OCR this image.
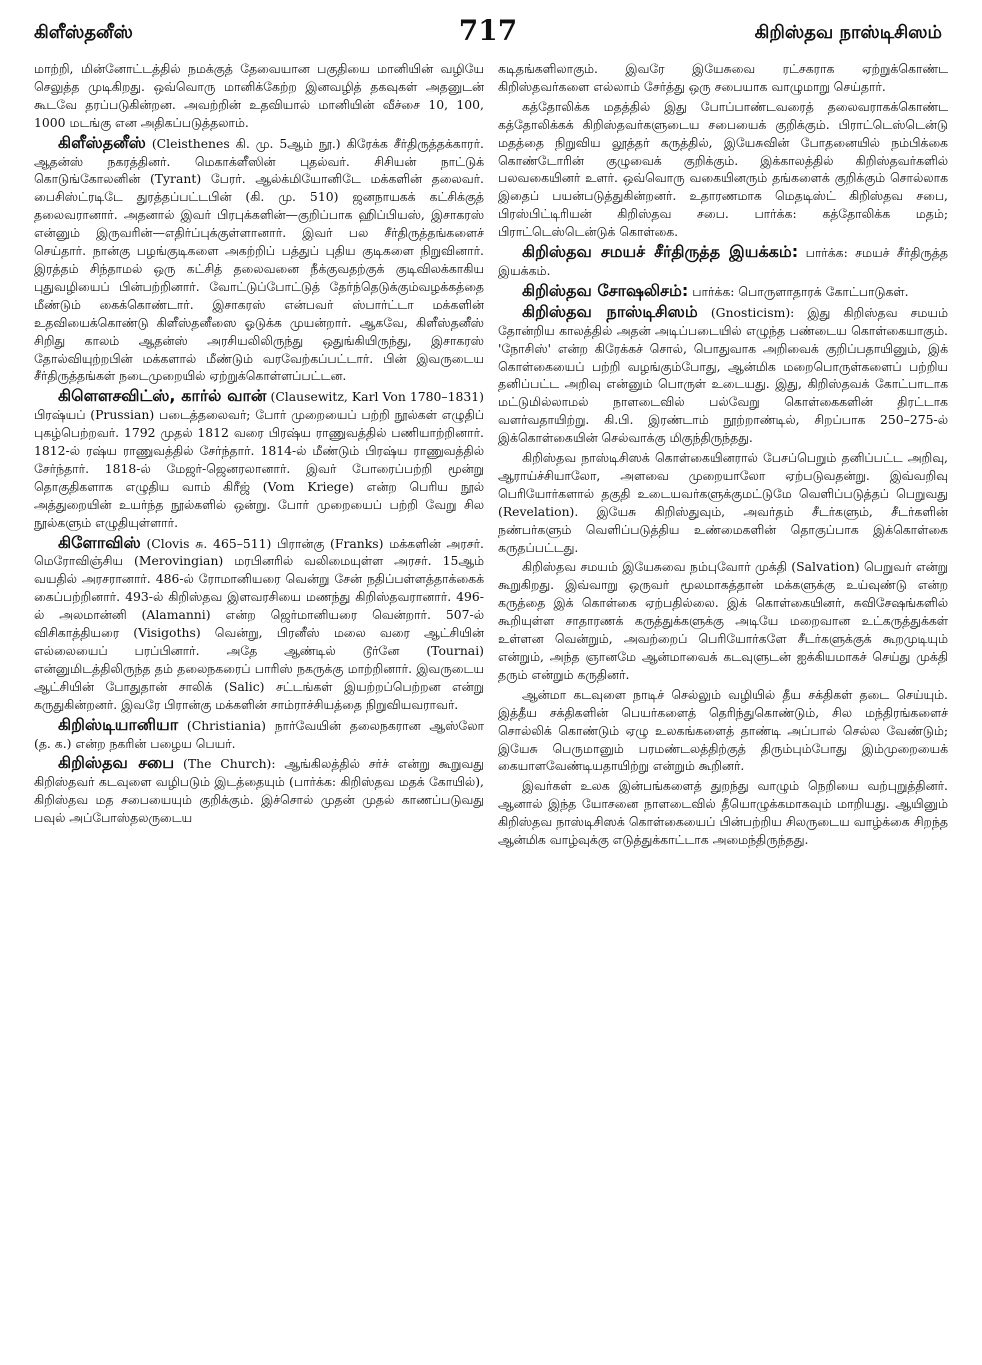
கிளீஸ்தனீஸ்	717	கிறிஸ்தவ நாஸ்டிசிஸம்

மாற்றி, மின்னோட்டத்தில் நமக்குத் தேவையான பகுதியை மானியின் வழியே செலுத்த முடிகிறது. ஒவ்வொரு மானிக்கேற்ற இனவழித் தகவுகள் அதனுடன் கூடவே தரப்படுகின்றன. அவற்றின் உதவியால் மானியின் வீச்சை 10, 100, 1000 மடங்கு என அதிகப்படுத்தலாம்.

கிளீஸ்தனீஸ் (Cleisthenes கி. மு. 5ஆம் நூ.) கிரேக்க சீர்திருத்தக்காரர். ஆதன்ஸ் நகரத்தினர். மெகாக்ளீஸின் புதல்வர். சிசியன் நாட்டுக் கொடுங்கோலனின் (Tyrant) பேரர். ஆல்க்மியோனிடே மக்களின் தலைவர். பைசிஸ்ட்ரடிடே துரத்தப்பட்டபின் (கி. மு. 510) ஜனநாயகக் கட்சிக்குத் தலைவரானார். அதனால் இவர் பிரபுக்களின்—குறிப்பாக ஹிப்பியஸ், இசாகரஸ் என்னும் இருவரின்—எதிர்ப்புக்குள்ளானார். இவர் பல சீர்திருத்தங்களைச் செய்தார். நான்கு பழங்குடிகளை அகற்றிப் பத்துப் புதிய குடிகளை நிறுவினார். இரத்தம் சிந்தாமல் ஒரு கட்சித் தலைவனை நீக்குவதற்குக் குடிவிலக்காகிய புதுவழியைப் பின்பற்றினார். வோட்டுப்போட்டுத் தேர்ந்தெடுக்கும்வழக்கத்தை மீண்டும் கைக்கொண்டார். இசாகரஸ் என்பவர் ஸ்பார்ட்டா மக்களின் உதவியைக்கொண்டு கிளீஸ்தனீஸை ஓடுக்க முயன்றார். ஆகவே, கிளீஸ்தனீஸ் சிறிது காலம் ஆதன்ஸ் அரசியலிலிருந்து ஒதுங்கியிருந்து, இசாகரஸ் தோல்வியுற்றபின் மக்களால் மீண்டும் வரவேற்கப்பட்டார். பின் இவருடைய சீர்திருத்தங்கள் நடைமுறையில் ஏற்றுக்கொள்ளப்பட்டன.

கிளௌசவிட்ஸ், கார்ல் வான் (Clausewitz, Karl Von 1780–1831) பிரஷ்யப் (Prussian) படைத்தலைவர்; போர் முறையைப் பற்றி நூல்கள் எழுதிப் புகழ்பெற்றவர். 1792 முதல் 1812 வரை பிரஷ்ய ராணுவத்தில் பணியாற்றினார். 1812-ல் ரஷ்ய ராணுவத்தில் சேர்ந்தார். 1814-ல் மீண்டும் பிரஷ்ய ராணுவத்தில் சேர்ந்தார். 1818-ல் மேஜர்-ஜெனரலானார். இவர் போரைப்பற்றி மூன்று தொகுதிகளாக எழுதிய வாம் கிரீஜ் (Vom Kriege) என்ற பெரிய நூல் அத்துறையின் உயர்ந்த நூல்களில் ஒன்று. போர் முறையைப் பற்றி வேறு சில நூல்களும் எழுதியுள்ளார்.

கிளோவிஸ் (Clovis சு. 465–511) பிரான்கு (Franks) மக்களின் அரசர். மெரோவிஞ்சிய (Merovingian) மரபினரில் வலிமையுள்ள அரசர். 15ஆம் வயதில் அரசரானார். 486-ல் ரோமானியரை வென்று சேன் நதிப்பள்ளத்தாக்கைக் கைப்பற்றினார். 493-ல் கிறிஸ்தவ இளவரசியை மணந்து கிறிஸ்தவரானார். 496-ல் அலமான்னி (Alamanni) என்ற ஜெர்மானியரை வென்றார். 507-ல் விசிகாத்தியரை (Visigoths) வென்று, பிரனீஸ் மலை வரை ஆட்சியின் எல்லையைப் பரப்பினார். அதே ஆண்டில் டூர்னே (Tournai) என்னுமிடத்திலிருந்த தம் தலைநகரைப் பாரிஸ் நகருக்கு மாற்றினார். இவருடைய ஆட்சியின் போதுதான் சாலிக் (Salic) சட்டங்கள் இயற்றப்பெற்றன என்று கருதுகின்றனர். இவரே பிரான்கு மக்களின் சாம்ராச்சியத்தை நிறுவியவராவர்.

கிறிஸ்டியானியா (Christiania) நார்வேயின் தலைநகரான ஆஸ்லோ (த. க.) என்ற நகரின் பழைய பெயர்.

கிறிஸ்தவ சபை (The Church): ஆங்கிலத்தில் சர்ச் என்று கூறுவது கிறிஸ்தவர் கடவுளை வழிபடும் இடத்தையும் (பார்க்க: கிறிஸ்தவ மதக் கோயில்), கிறிஸ்தவ மத சபையையும் குறிக்கும். இச்சொல் முதன் முதல் காணப்படுவது பவுல் அப்போஸ்தலருடைய

கடிதங்களிலாகும். இவரே இயேசுவை ரட்சகராக ஏற்றுக்கொண்ட கிறிஸ்தவர்களை எல்லாம் சேர்த்து ஒரு சபையாக வாழுமாறு செய்தார்.

கத்தோலிக்க மதத்தில் இது போப்பாண்டவரைத் தலைவராகக்கொண்ட கத்தோலிக்கக் கிறிஸ்தவர்களுடைய சபையைக் குறிக்கும். பிராட்டெஸ்டென்டு மதத்தை நிறுவிய லூத்தர் கருத்தில், இயேசுவின் போதனையில் நம்பிக்கை கொண்டோரின் குழுவைக் குறிக்கும். இக்காலத்தில் கிறிஸ்தவர்களில் பலவகையினர் உளர். ஒவ்வொரு வகையினரும் தங்களைக் குறிக்கும் சொல்லாக இதைப் பயன்படுத்துகின்றனர். உதாரணமாக மெதடிஸ்ட் கிறிஸ்தவ சபை, பிரஸ்பிட்டிரியன் கிறிஸ்தவ சபை. பார்க்க: கத்தோலிக்க மதம்; பிராட்டெஸ்டென்டுக் கொள்கை.

கிறிஸ்தவ சமயச் சீர்திருத்த இயக்கம்: பார்க்க: சமயச் சீர்திருத்த இயக்கம்.

கிறிஸ்தவ சோஷலிசம்: பார்க்க: பொருளாதாரக் கோட்பாடுகள்.

கிறிஸ்தவ நாஸ்டிசிஸம் (Gnosticism): இது கிறிஸ்தவ சமயம் தோன்றிய காலத்தில் அதன் அடிப்படையில் எழுந்த பண்டைய கொள்கையாகும். 'நோசிஸ்' என்ற கிரேக்கச் சொல், பொதுவாக அறிவைக் குறிப்பதாயினும், இக் கொள்கையைப் பற்றி வழங்கும்போது, ஆன்மிக மறைபொருள்களைப் பற்றிய தனிப்பட்ட அறிவு என்னும் பொருள் உடையது. இது, கிறிஸ்தவக் கோட்பாடாக மட்டுமில்லாமல் நாளடைவில் பல்வேறு கொள்கைகளின் திரட்டாக வளர்வதாயிற்று. கி.பி. இரண்டாம் நூற்றாண்டில், சிறப்பாக 250–275-ல் இக்கொள்கையின் செல்வாக்கு மிகுந்திருந்தது.

கிறிஸ்தவ நாஸ்டிசிஸக் கொள்கையினரால் பேசப்பெறும் தனிப்பட்ட அறிவு, ஆராய்ச்சியாலோ, அளவை முறையாலோ ஏற்படுவதன்று. இவ்வறிவு பெரியோர்களால் தகுதி உடையவர்களுக்குமட்டுமே வெளிப்படுத்தப் பெறுவது (Revelation). இயேசு கிறிஸ்துவும், அவர்தம் சீடர்களும், சீடர்களின் நண்பர்களும் வெளிப்படுத்திய உண்மைகளின் தொகுப்பாக இக்கொள்கை கருதப்பட்டது.

கிறிஸ்தவ சமயம் இயேசுவை நம்புவோர் முக்தி (Salvation) பெறுவர் என்று கூறுகிறது. இவ்வாறு ஒருவர் மூலமாகத்தான் மக்களுக்கு உய்வுண்டு என்ற கருத்தை இக் கொள்கை ஏற்பதில்லை. இக் கொள்கையினர், சுவிசேஷங்களில் கூறியுள்ள சாதாரணக் கருத்துக்களுக்கு அடியே மறைவான உட்கருத்துக்கள் உள்ளன வென்றும், அவற்றைப் பெரியோர்களே சீடர்களுக்குக் கூறமுடியும் என்றும், அந்த ஞானமே ஆன்மாவைக் கடவுளுடன் ஐக்கியமாகச் செய்து முக்தி தரும் என்றும் கருதினர்.

ஆன்மா கடவுளை நாடிச் செல்லும் வழியில் தீய சக்திகள் தடை செய்யும். இத்தீய சக்திகளின் பெயர்களைத் தெரிந்துகொண்டும், சில மந்திரங்களைச் சொல்லிக் கொண்டும் ஏழு உலகங்களைத் தாண்டி அப்பால் செல்ல வேண்டும்; இயேசு பெருமானும் பரமண்டலத்திற்குத் திரும்பும்போது இம்முறையைக் கையாளவேண்டியதாயிற்று என்றும் கூறினர்.

இவர்கள் உலக இன்பங்களைத் துறந்து வாழும் நெறியை வற்புறுத்தினர். ஆனால் இந்த யோசனை நாளடைவில் தீயொழுக்கமாகவும் மாறியது. ஆயினும் கிறிஸ்தவ நாஸ்டிசிஸக் கொள்கையைப் பின்பற்றிய சிலருடைய வாழ்க்கை சிறந்த ஆன்மிக வாழ்வுக்கு எடுத்துக்காட்டாக அமைந்திருந்தது.
